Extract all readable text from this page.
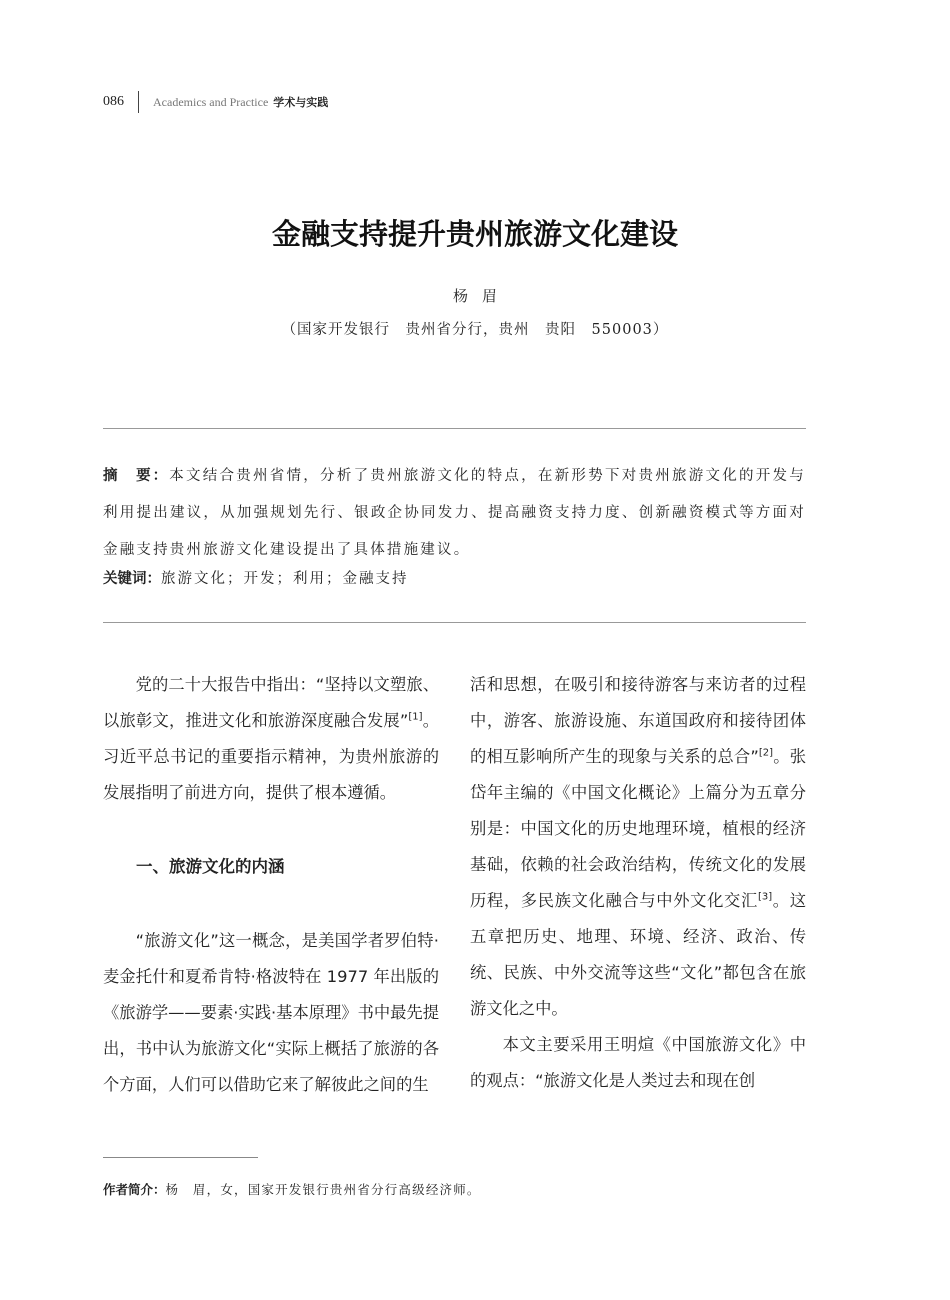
086 Academics and Practice 学术与实践
金融支持提升贵州旅游文化建设
杨眉
（国家开发银行　贵州省分行，贵州　贵阳　550003）

摘　要：本文结合贵州省情，分析了贵州旅游文化的特点，在新形势下对贵州旅游文化的开发与利用提出建议，从加强规划先行、银政企协同发力、提高融资支持力度、创新融资模式等方面对金融支持贵州旅游文化建设提出了具体措施建议。

关键词：旅游文化；开发；利用；金融支持

党的二十大报告中指出：“坚持以文塑旅、以旅彰文，推进文化和旅游深度融合发展”[1]。习近平总书记的重要指示精神，为贵州旅游的发展指明了前进方向，提供了根本遵循。

一、旅游文化的内涵

“旅游文化”这一概念，是美国学者罗伯特·麦金托什和夏希肯特·格波特在 1977 年出版的《旅游学——要素·实践·基本原理》书中最先提出，书中认为旅游文化“实际上概括了旅游的各个方面，人们可以借助它来了解彼此之间的生

作者简介：杨　眉，女，国家开发银行贵州省分行高级经济师。

活和思想，在吸引和接待游客与来访者的过程中，游客、旅游设施、东道国政府和接待团体的相互影响所产生的现象与关系的总合”[2]。张岱年主编的《中国文化概论》上篇分为五章分别是：中国文化的历史地理环境，植根的经济基础，依赖的社会政治结构，传统文化的发展历程，多民族文化融合与中外文化交汇[3]。这五章把历史、地理、环境、经济、政治、传统、民族、中外交流等这些“文化”都包含在旅游文化之中。

本文主要采用王明煊《中国旅游文化》中的观点：“旅游文化是人类过去和现在创
